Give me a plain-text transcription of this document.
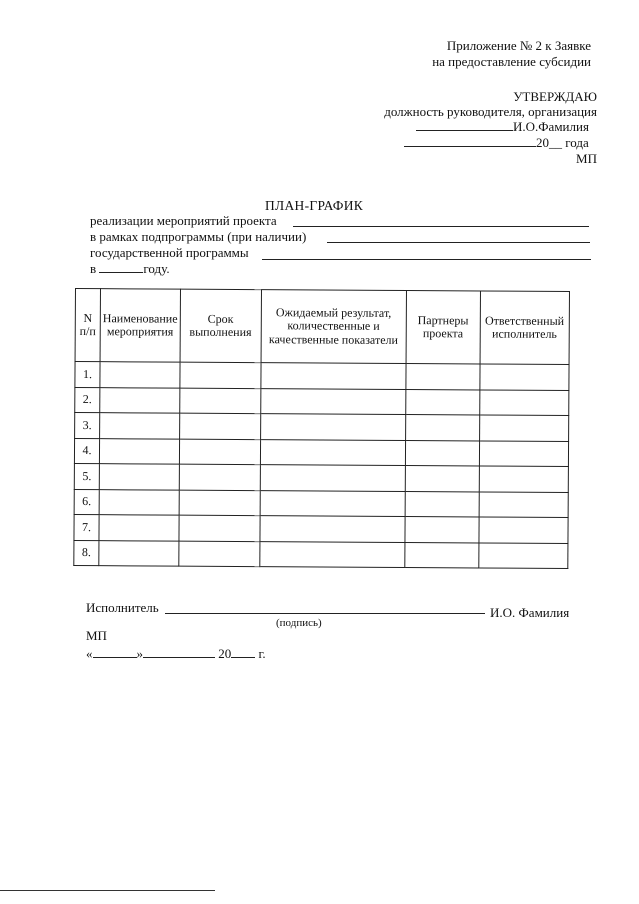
Приложение № 2 к Заявке
на предоставление субсидии
УТВЕРЖДАЮ
должность руководителя, организация
И.О.Фамилия
20__ года
МП
ПЛАН-ГРАФИК
реализации мероприятий проекта
в рамках подпрограммы (при наличии)
государственной программы
в	году.
N п/п	Наименование мероприятия	Срок выполнения	Ожидаемый результат, количественные и качественные показатели	Партнеры проекта	Ответственный исполнитель
1.					
2.					
3.					
4.					
5.					
6.					
7.					
8.					
Исполнитель	И.О. Фамилия
(подпись)
МП
«	»	20 г.
